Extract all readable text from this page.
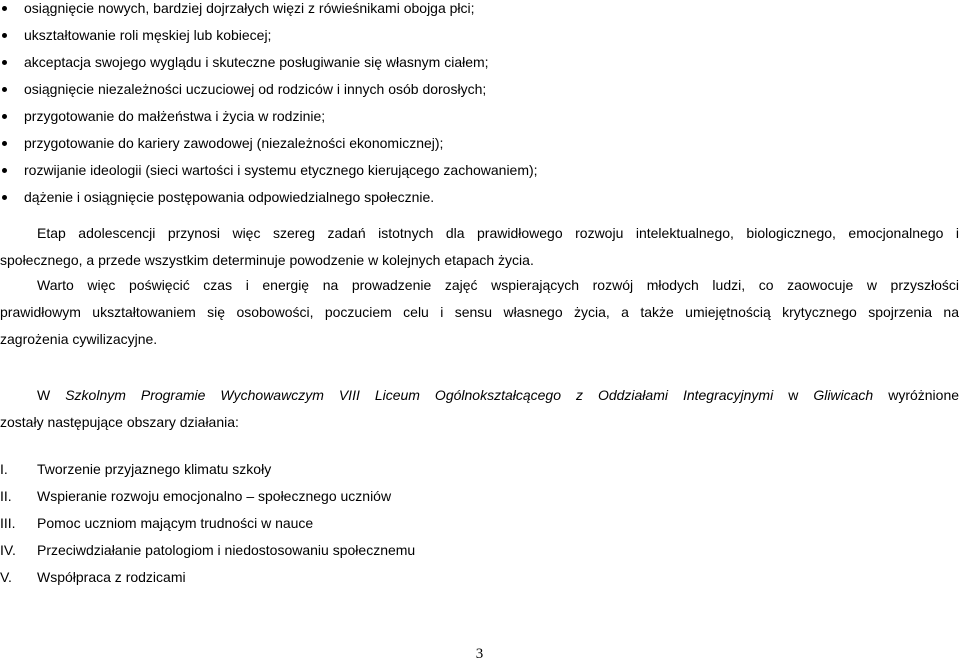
osiągnięcie nowych, bardziej dojrzałych więzi z rówieśnikami obojga płci;
ukształtowanie roli męskiej lub kobiecej;
akceptacja swojego wyglądu i skuteczne posługiwanie się własnym ciałem;
osiągnięcie niezależności uczuciowej od rodziców i innych osób dorosłych;
przygotowanie do małżeństwa i życia w rodzinie;
przygotowanie do kariery zawodowej (niezależności ekonomicznej);
rozwijanie ideologii (sieci wartości i systemu etycznego kierującego zachowaniem);
dążenie i osiągnięcie postępowania odpowiedzialnego społecznie.
Etap adolescencji przynosi więc szereg zadań istotnych dla prawidłowego rozwoju intelektualnego, biologicznego, emocjonalnego i
społecznego, a przede wszystkim determinuje powodzenie w kolejnych etapach życia.
Warto więc poświęcić czas i energię na prowadzenie zajęć wspierających rozwój młodych ludzi, co zaowocuje w przyszłości
prawidłowym ukształtowaniem się osobowości, poczuciem celu i sensu własnego życia, a także umiejętnością krytycznego spojrzenia na
zagrożenia cywilizacyjne.
W Szkolnym Programie Wychowawczym VIII Liceum Ogólnokształcącego z Oddziałami Integracyjnymi w Gliwicach wyróżnione
zostały następujące obszary działania:
I. Tworzenie przyjaznego klimatu szkoły
II. Wspieranie rozwoju emocjonalno – społecznego uczniów
III. Pomoc uczniom mającym trudności w nauce
IV. Przeciwdziałanie patologiom i niedostosowaniu społecznemu
V. Współpraca z rodzicami
3
